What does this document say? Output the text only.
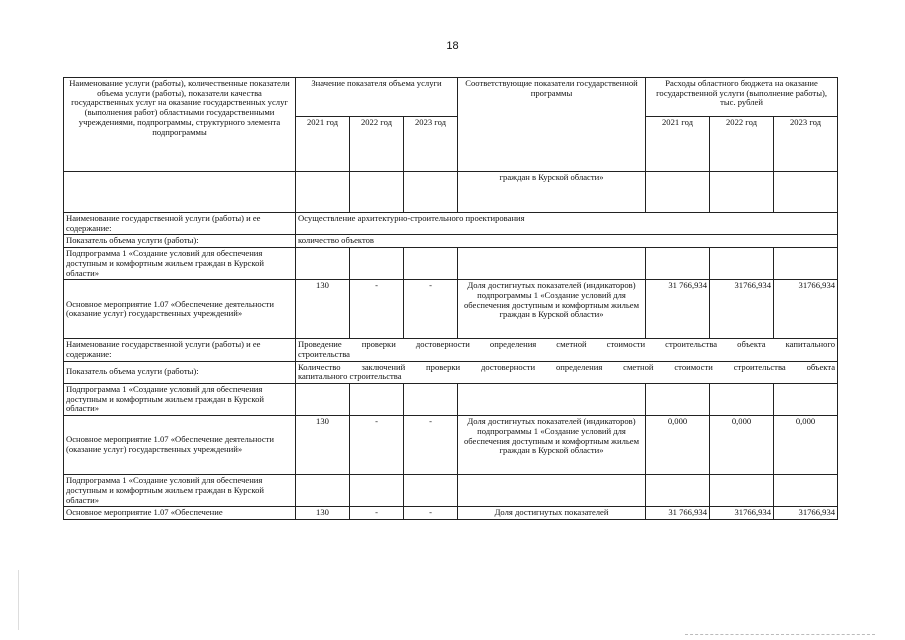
18
Наименование услуги (работы), количественные показатели объема услуги (работы), показатели качества государственных услуг на оказание государственных услуг (выполнения работ) областными государственными учреждениями, подпрограммы, структурного элемента подпрограммы	Значение показателя объема услуги			Соответствующие показатели государственной программы	Расходы областного бюджета на оказание государственной услуги (выполнение работы), тыс. рублей		
	2021 год	2022 год	2023 год		2021 год	2022 год	2023 год
				граждан в Курской области»			
Наименование государственной услуги (работы) и ее содержание:	Осуществление архитектурно-строительного проектирования						
Показатель объема услуги (работы):	количество объектов						
Подпрограмма 1 «Создание условий для обеспечения доступным и комфортным жильем граждан в Курской области»							
Основное мероприятие 1.07 «Обеспечение деятельности (оказание услуг) государственных учреждений»	130	-	-	Доля достигнутых показателей (индикаторов) подпрограммы 1 «Создание условий для обеспечения доступным и комфортным жильем граждан в Курской области»	31 766,934	31766,934	31766,934
Наименование государственной услуги (работы) и ее содержание:	Проведение проверки достоверности определения сметной стоимости строительства объекта капитального
строительства						

Показатель объема услуги (работы):	Количество заключений проверки достоверности определения сметной стоимости строительства объекта
капитального строительства						

Подпрограмма 1 «Создание условий для обеспечения доступным и комфортным жильем граждан в Курской области»							
Основное мероприятие 1.07 «Обеспечение деятельности (оказание услуг) государственных учреждений»	130	-	-	Доля достигнутых показателей (индикаторов) подпрограммы 1 «Создание условий для обеспечения доступным и комфортным жильем граждан в Курской области»	0,000	0,000	0,000
Подпрограмма 1 «Создание условий для обеспечения доступным и комфортным жильем граждан в Курской области»							
Основное мероприятие 1.07 «Обеспечение	130	-	-	Доля достигнутых показателей	31 766,934	31766,934	31766,934
